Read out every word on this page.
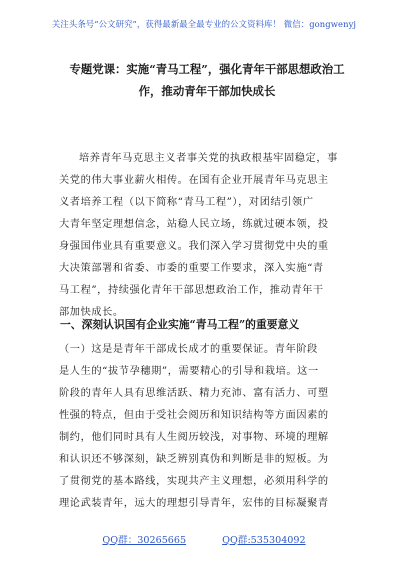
关注头条号“公文研究”，获得最新最全最专业的公文资料库！ 微信：gongwenyj
专题党课：实施“青马工程”，强化青年干部思想政治工
作，推动青年干部加快成长
培养青年马克思主义者事关党的执政根基牢固稳定，事
关党的伟大事业薪火相传。在国有企业开展青年马克思主
义者培养工程（以下简称“青马工程”），对团结引领广
大青年坚定理想信念，站稳人民立场，练就过硬本领，投
身强国伟业具有重要意义。我们深入学习贯彻党中央的重
大决策部署和省委、市委的重要工作要求，深入实施“青
马工程”，持续强化青年干部思想政治工作，推动青年干
部加快成长。
一、深刻认识国有企业实施“青马工程”的重要意义
（一）这是是青年干部成长成才的重要保证。青年阶段
是人生的“拔节孕穗期”，需要精心的引导和栽培。这一
阶段的青年人具有思维活跃、精力充沛、富有活力、可塑
性强的特点，但由于受社会阅历和知识结构等方面因素的
制约，他们同时具有人生阅历较浅，对事物、环境的理解
和认识还不够深刻，缺乏辨别真伪和判断是非的短板。为
了贯彻党的基本路线，实现共产主义理想，必须用科学的
理论武装青年，远大的理想引导青年，宏伟的目标凝聚青
QQ群：30265665	QQ群:535304092
